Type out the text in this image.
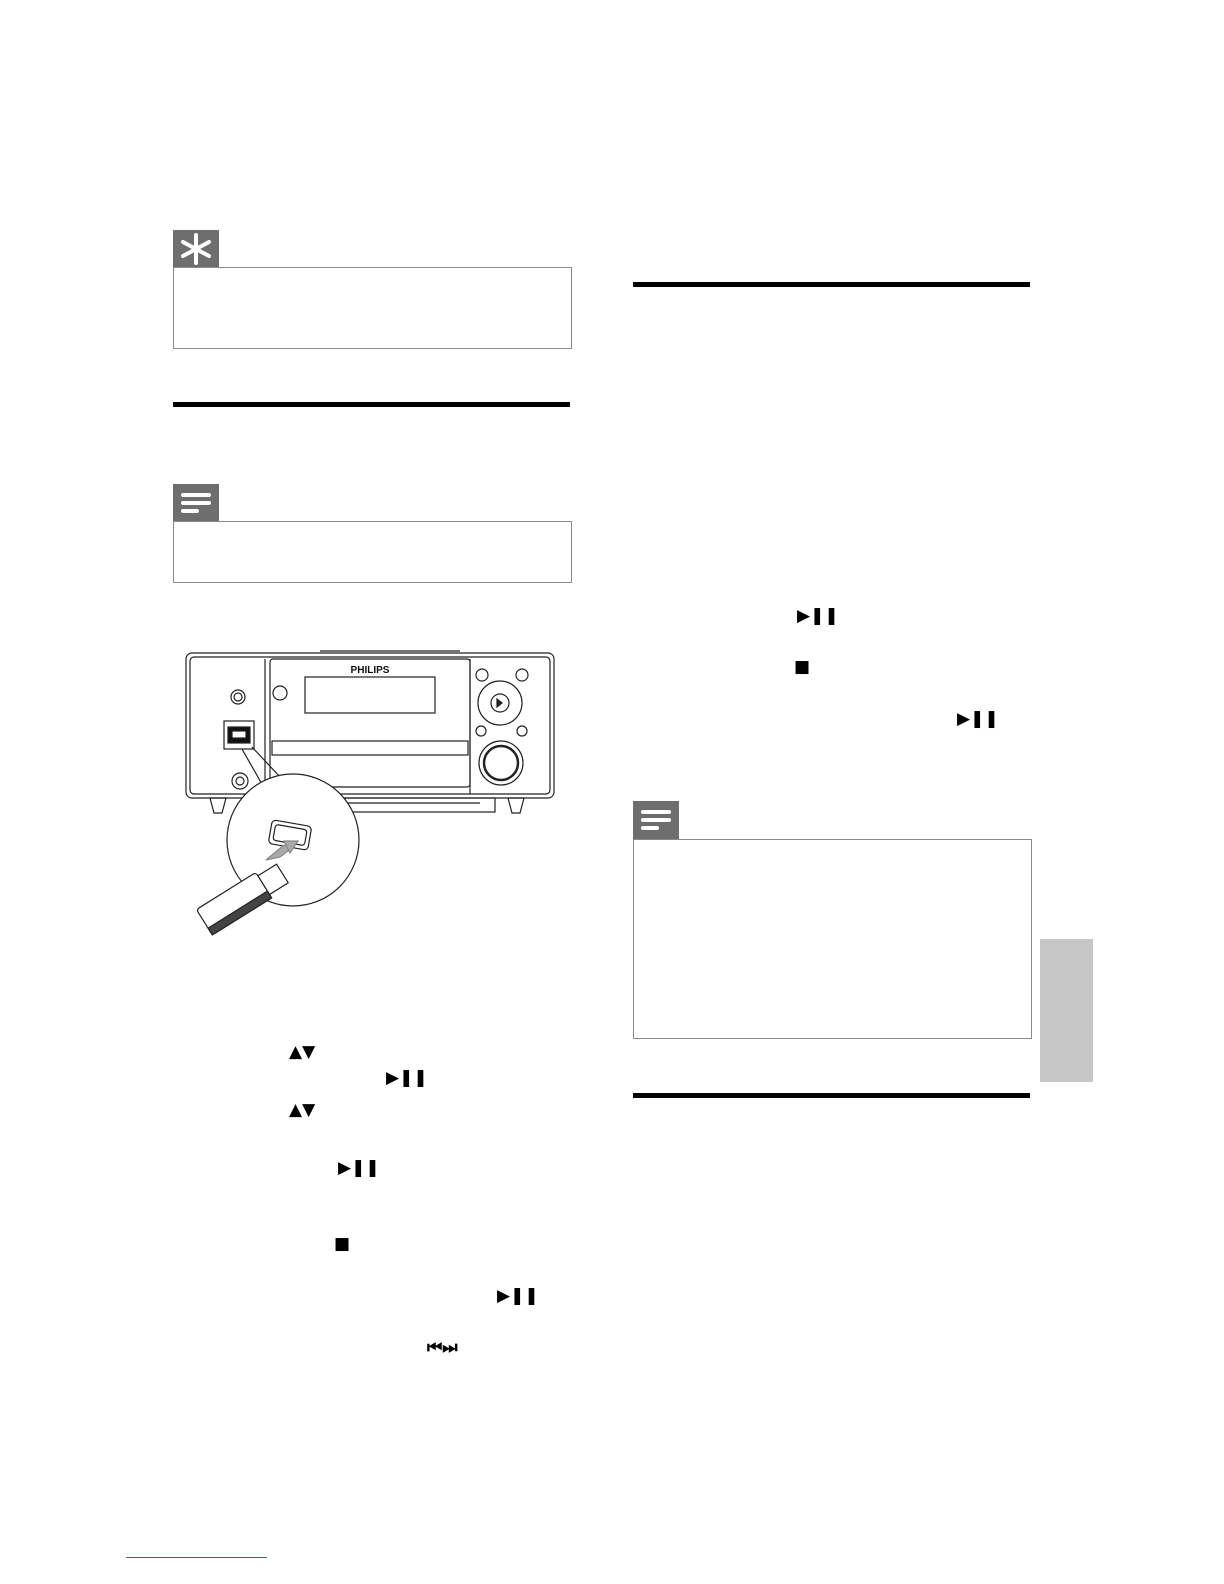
PHILIPS
▲▼
▶❚❚
▲▼
▶❚❚
■
▶❚❚
⏮⏭
▶❚❚
■
▶❚❚
